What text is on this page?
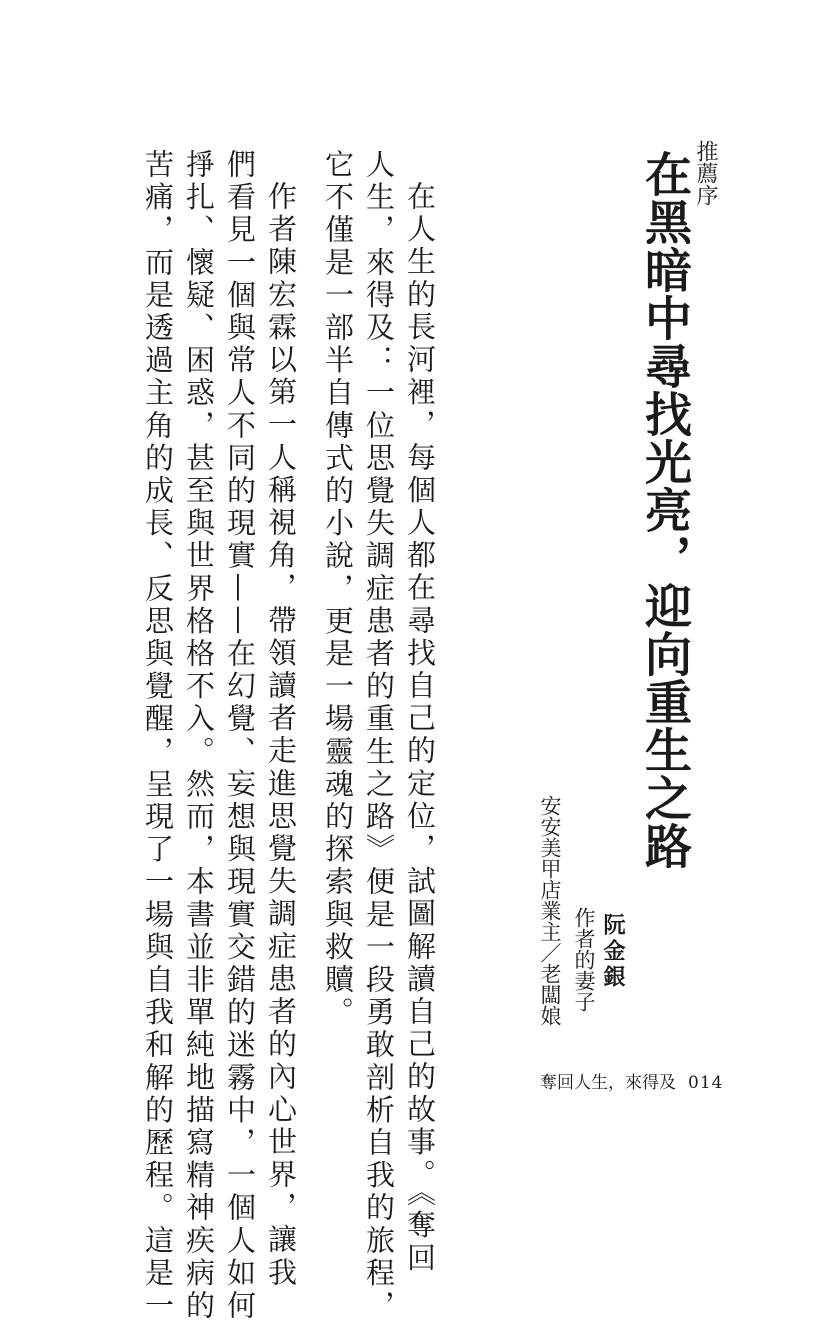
推薦序
在黑暗中尋找光亮，迎向重生之路
阮金銀
作者的妻子
安安美甲店業主／老闆娘

在人生的長河裡，每個人都在尋找自己的定位，試圖解讀自己的故事。《奪回

人生，來得及：一位思覺失調症患者的重生之路》便是一段勇敢剖析自我的旅程，

它不僅是一部半自傳式的小說，更是一場靈魂的探索與救贖。

作者陳宏霖以第一人稱視角，帶領讀者走進思覺失調症患者的內心世界，讓我

們看見一個與常人不同的現實——在幻覺、妄想與現實交錯的迷霧中，一個人如何

掙扎、懷疑、困惑，甚至與世界格格不入。然而，本書並非單純地描寫精神疾病的

苦痛，而是透過主角的成長、反思與覺醒，呈現了一場與自我和解的歷程。這是一	奪回人生，來得及 014
